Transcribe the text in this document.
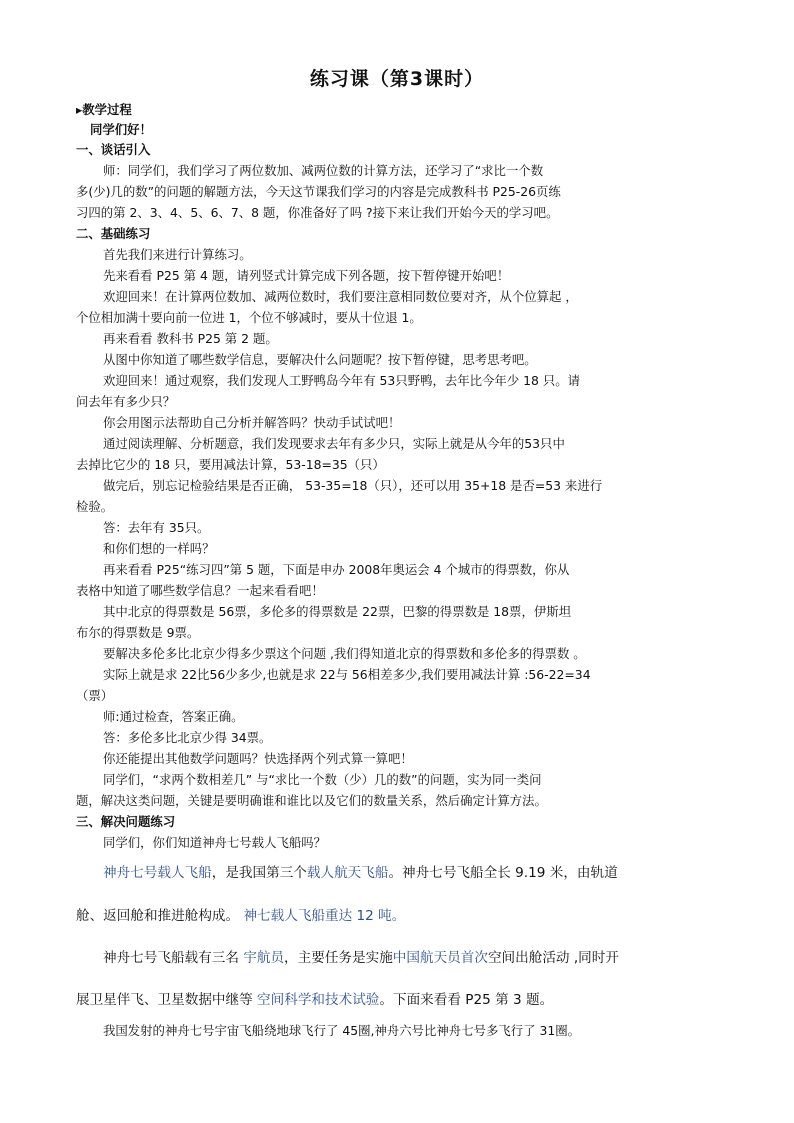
练习课（第3课时）
▸教学过程
同学们好！
一、谈话引入
师：同学们，我们学习了两位数加、减两位数的计算方法，还学习了“求比一个数
多(少)几的数”的问题的解题方法，今天这节课我们学习的内容是完成教科书 P25-26页练
习四的第 2、3、4、5、6、7、8 题，你准备好了吗 ?接下来让我们开始今天的学习吧。
二、基础练习
首先我们来进行计算练习。
先来看看 P25 第 4 题，请列竖式计算完成下列各题，按下暂停键开始吧！
欢迎回来！在计算两位数加、减两位数时，我们要注意相同数位要对齐，从个位算起 ，
个位相加满十要向前一位进 1，个位不够减时，要从十位退 1。
再来看看 教科书 P25 第 2 题。
从图中你知道了哪些数学信息，要解决什么问题呢？按下暂停键，思考思考吧。
欢迎回来！通过观察，我们发现人工野鸭岛今年有 53只野鸭，去年比今年少 18 只。请
问去年有多少只？
你会用图示法帮助自己分析并解答吗？快动手试试吧！
通过阅读理解、分析题意，我们发现要求去年有多少只，实际上就是从今年的53只中
去掉比它少的 18 只，要用减法计算，53-18=35（只）
做完后，别忘记检验结果是否正确， 53-35=18（只），还可以用 35+18 是否=53 来进行
检验。
答：去年有 35只。
和你们想的一样吗？
再来看看 P25“练习四”第 5 题，下面是申办 2008年奥运会 4 个城市的得票数，你从
表格中知道了哪些数学信息？一起来看看吧！
其中北京的得票数是 56票，多伦多的得票数是 22票，巴黎的得票数是 18票，伊斯坦
布尔的得票数是 9票。
要解决多伦多比北京少得多少票这个问题 ,我们得知道北京的得票数和多伦多的得票数 。
实际上就是求 22比56少多少,也就是求 22与 56相差多少,我们要用减法计算 :56-22=34
（票）
师:通过检查，答案正确。
答：多伦多比北京少得 34票。
你还能提出其他数学问题吗？快选择两个列式算一算吧！
同学们，“求两个数相差几” 与“求比一个数（少）几的数”的问题，实为同一类问
题，解决这类问题，关键是要明确谁和谁比以及它们的数量关系，然后确定计算方法。
三、解决问题练习
同学们，你们知道神舟七号载人飞船吗？
神舟七号载人飞船，是我国第三个载人航天飞船。神舟七号飞船全长 9.19 米，由轨道
舱、返回舱和推进舱构成。 神七载人飞船重达 12 吨。
神舟七号飞船载有三名 宇航员，主要任务是实施中国航天员首次空间出舱活动 ,同时开
展卫星伴飞、卫星数据中继等 空间科学和技术试验。下面来看看 P25 第 3 题。
我国发射的神舟七号宇宙飞船绕地球飞行了 45圈,神舟六号比神舟七号多飞行了 31圈。
